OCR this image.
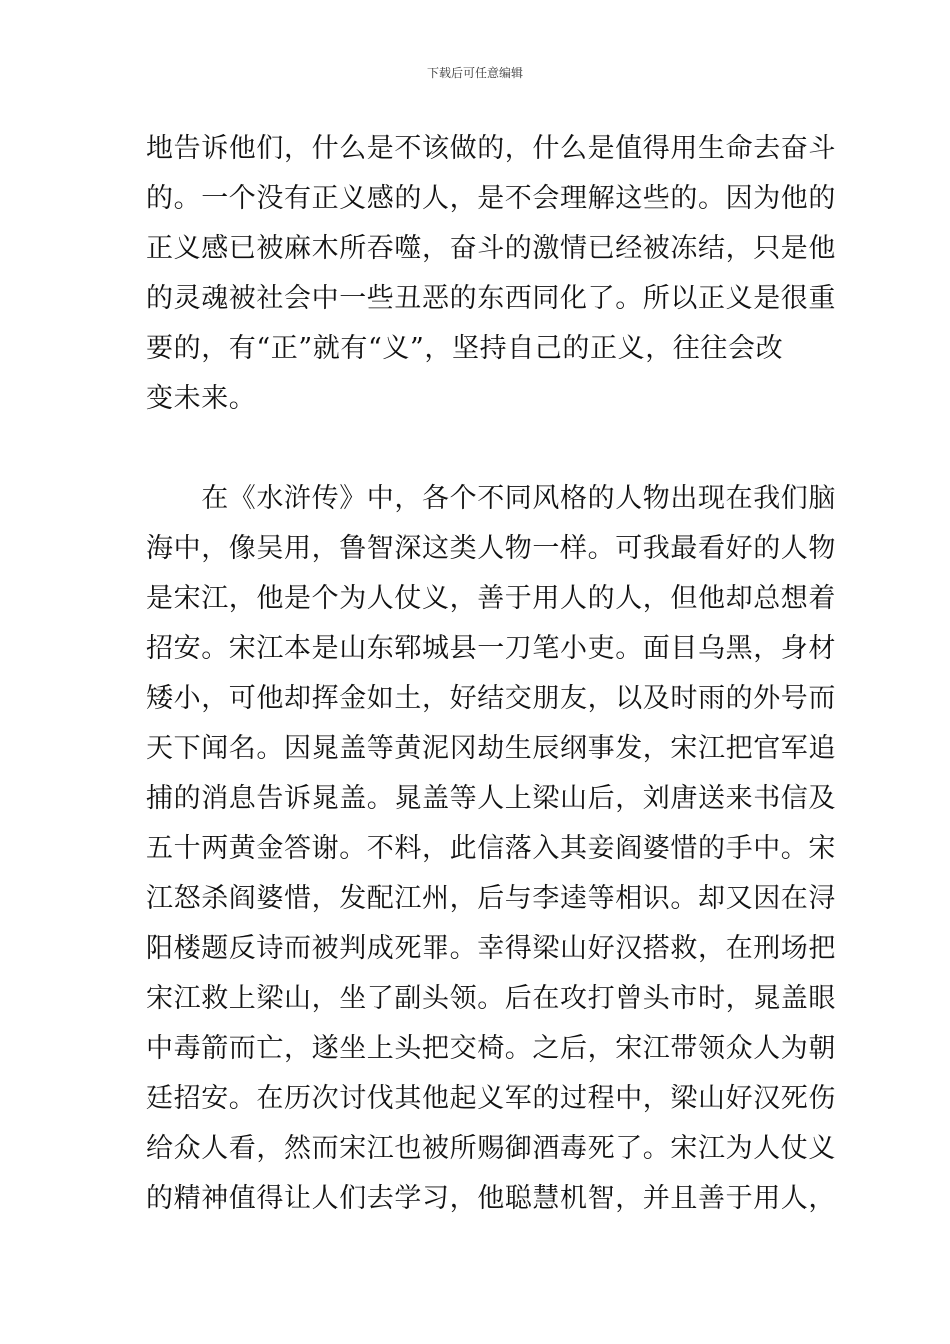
下载后可任意编辑
地告诉他们，什么是不该做的，什么是值得用生命去奋斗
的。一个没有正义感的人，是不会理解这些的。因为他的
正义感已被麻木所吞噬，奋斗的激情已经被冻结，只是他
的灵魂被社会中一些丑恶的东西同化了。所以正义是很重
要的，有“正”就有“义”，坚持自己的正义，往往会改
变未来。
　　在《水浒传》中，各个不同风格的人物出现在我们脑
海中，像吴用，鲁智深这类人物一样。可我最看好的人物
是宋江，他是个为人仗义，善于用人的人，但他却总想着
招安。宋江本是山东郓城县一刀笔小吏。面目乌黑，身材
矮小，可他却挥金如土，好结交朋友，以及时雨的外号而
天下闻名。因晁盖等黄泥冈劫生辰纲事发，宋江把官军追
捕的消息告诉晁盖。晁盖等人上梁山后，刘唐送来书信及
五十两黄金答谢。不料，此信落入其妾阎婆惜的手中。宋
江怒杀阎婆惜，发配江州，后与李逵等相识。却又因在浔
阳楼题反诗而被判成死罪。幸得梁山好汉搭救，在刑场把
宋江救上梁山，坐了副头领。后在攻打曾头市时，晁盖眼
中毒箭而亡，遂坐上头把交椅。之后，宋江带领众人为朝
廷招安。在历次讨伐其他起义军的过程中，梁山好汉死伤
给众人看，然而宋江也被所赐御酒毒死了。宋江为人仗义
的精神值得让人们去学习，他聪慧机智，并且善于用人，
